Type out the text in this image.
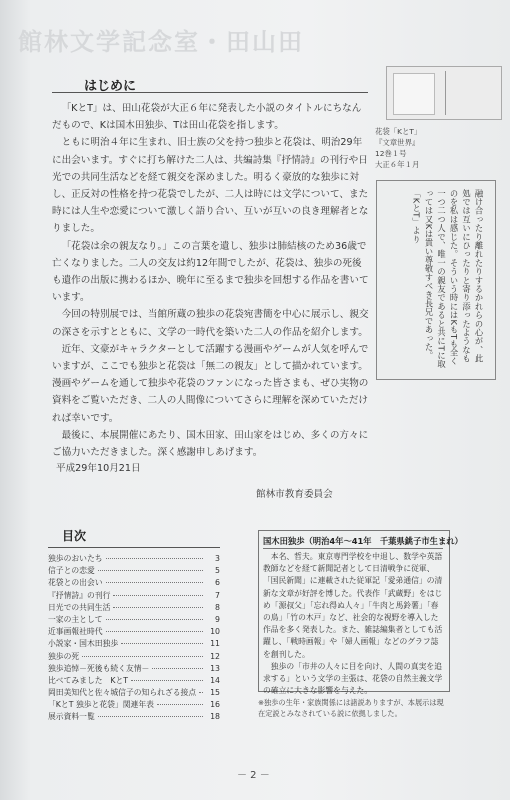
館林文学記念室・田山田
はじめに

「KとT」は、田山花袋が大正６年に発表した小説のタイトルにちなんだもので、Kは国木田独歩、Tは田山花袋を指します。

ともに明治４年に生まれ、旧士族の父を持つ独歩と花袋は、明治29年に出会います。すぐに打ち解けた二人は、共編詩集『抒情詩』の刊行や日光での共同生活などを経て親交を深めました。明るく豪放的な独歩に対し、正反対の性格を持つ花袋でしたが、二人は時には文学について、また時には人生や恋愛について激しく語り合い、互いが互いの良き理解者となりました。

「花袋は余の親友なり。」この言葉を遺し、独歩は肺結核のため36歳で亡くなりました。二人の交友は約12年間でしたが、花袋は、独歩の死後も遺作の出版に携わるほか、晩年に至るまで独歩を回想する作品を書いています。

今回の特別展では、当館所蔵の独歩の花袋宛書簡を中心に展示し、親交の深さを示すとともに、文学の一時代を築いた二人の作品を紹介します。

近年、文豪がキャラクターとして活躍する漫画やゲームが人気を呼んでいますが、ここでも独歩と花袋は「無二の親友」として描かれています。漫画やゲームを通して独歩や花袋のファンになった皆さまも、ぜひ実物の資料をご覧いただき、二人の人間像についてさらに理解を深めていただければ幸いです。

最後に、本展開催にあたり、国木田家、田山家をはじめ、多くの方々にご協力いただきました。深く感謝申しあげます。

平成29年10月21日
館林市教育委員会
花袋「KとT」
『文章世界』
12巻１号
大正６年１月
融け合ったり離れたりするかれらの心が、此処では互いにひったりと寄り添ったようなものを私は感じた。そういう時にはKもTも全く一つ二つ人で、唯一の親友であると共にTに取っては又Kは貴い尊敬すべき長兄であった。
「KとT」より
目次
独歩のおいたち	3
信子との恋愛	5
花袋との出会い	6
『抒情詩』の刊行	7
日光での共同生活	8
一家の主として	9
近事画報社時代	10
小説家・国木田独歩	11
独歩の死	12
独歩追悼－死後も続く友情－	13
比べてみました　KとT	14
岡田美知代と佐々城信子の知られざる接点	15
「KとT 独歩と花袋」関連年表	16
展示資料一覧	18
国木田独歩（明治4年～41年　千葉県銚子市生まれ）

本名、哲夫。東京専門学校を中退し、数学や英語教師などを経て新聞記者として日清戦争に従軍、「国民新聞」に連載された従軍記「愛弟通信」の清新な文章が好評を博した。代表作「武蔵野」をはじめ「源叔父」「忘れ得ぬ人々」「牛肉と馬鈴薯」「春の鳥」「竹の木戸」など、社会的な視野を導入した作品を多く発表した。また、雑誌編集者としても活躍し、「戦時画報」や「婦人画報」などのグラフ誌を創刊した。

独歩の「市井の人々に目を向け、人間の真実を追求する」という文学の主張は、花袋の自然主義文学の確立に大きな影響を与えた。

※独歩の生年・家族関係には諸説ありますが、本展示は現在定説とみなされている説に依拠しました。
－ 2 －
